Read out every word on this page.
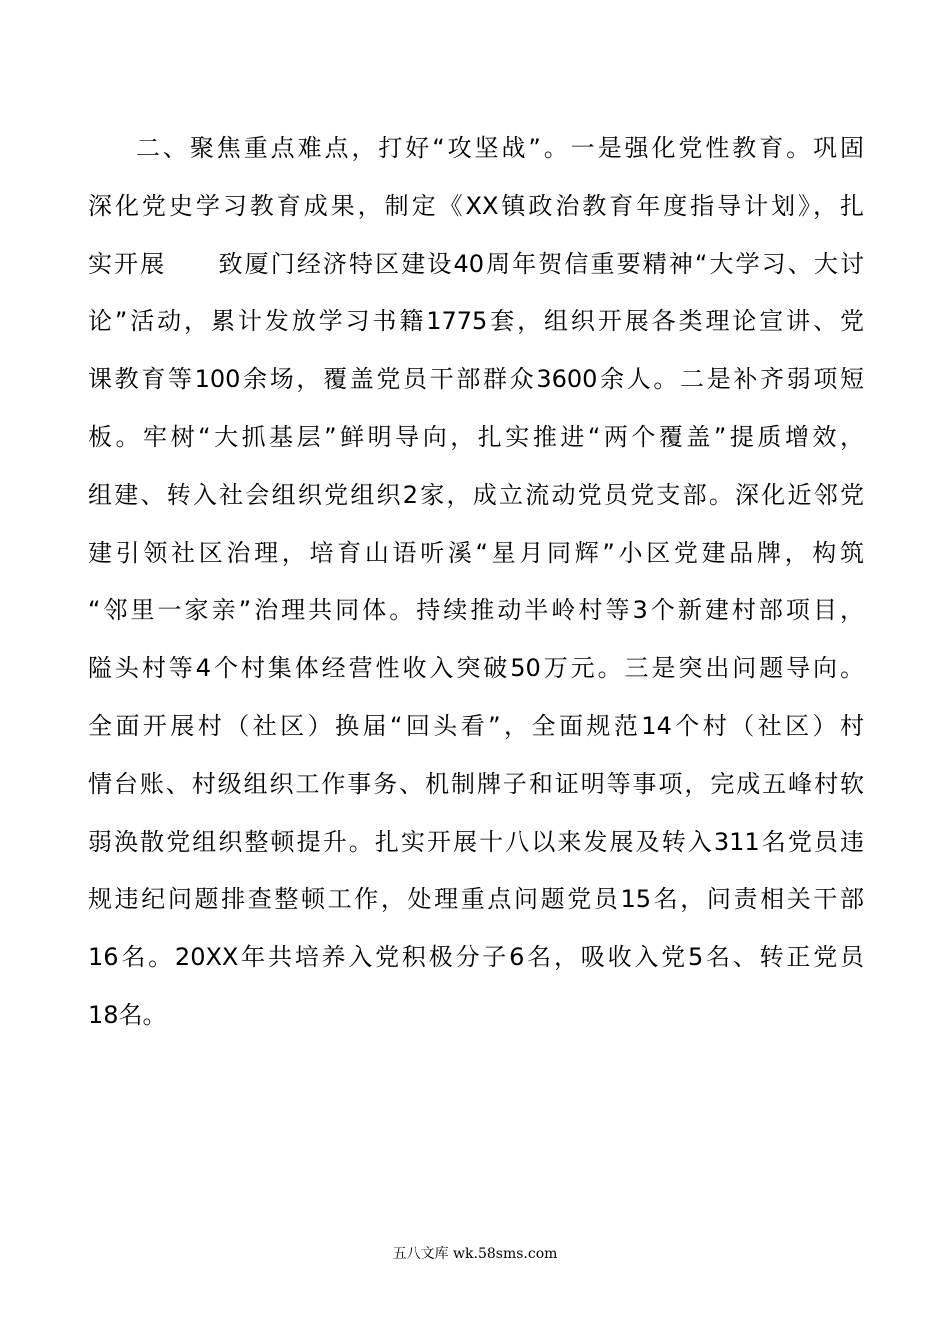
二、聚焦重点难点，打好“攻坚战”。一是强化党性教育。巩固
深化党史学习教育成果，制定《XX镇政治教育年度指导计划》，扎
实开展　　致厦门经济特区建设40周年贺信重要精神“大学习、大讨
论”活动，累计发放学习书籍1775套，组织开展各类理论宣讲、党
课教育等100余场，覆盖党员干部群众3600余人。二是补齐弱项短
板。牢树“大抓基层”鲜明导向，扎实推进“两个覆盖”提质增效，
组建、转入社会组织党组织2家，成立流动党员党支部。深化近邻党
建引领社区治理，培育山语听溪“星月同辉”小区党建品牌，构筑
“邻里一家亲”治理共同体。持续推动半岭村等3个新建村部项目，
隘头村等4个村集体经营性收入突破50万元。三是突出问题导向。
全面开展村（社区）换届“回头看”，全面规范14个村（社区）村
情台账、村级组织工作事务、机制牌子和证明等事项，完成五峰村软
弱涣散党组织整顿提升。扎实开展十八以来发展及转入311名党员违
规违纪问题排查整顿工作，处理重点问题党员15名，问责相关干部
16名。20XX年共培养入党积极分子6名，吸收入党5名、转正党员
18名。
五八文库 wk.58sms.com
